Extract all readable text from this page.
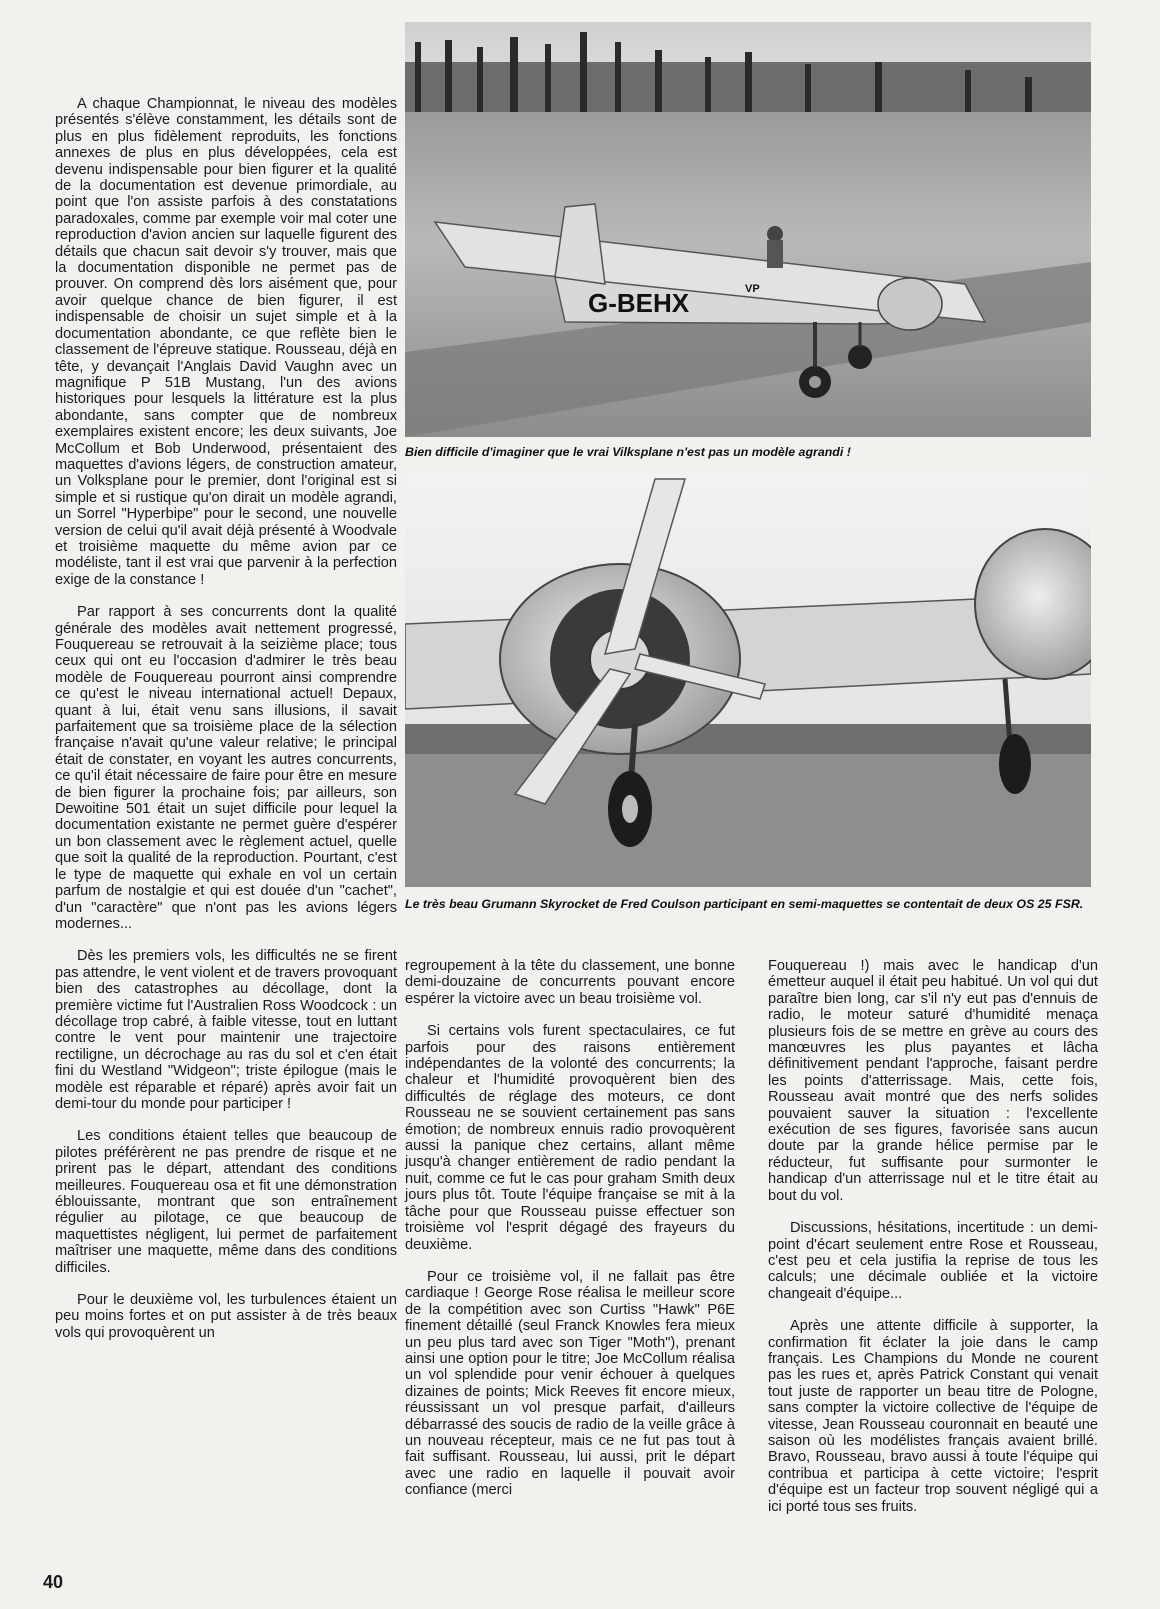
A chaque Championnat, le niveau des modèles présentés s'élève constamment, les détails sont de plus en plus fidèlement reproduits, les fonctions annexes de plus en plus développées, cela est devenu indispensable pour bien figurer et la qualité de la documentation est devenue primordiale, au point que l'on assiste parfois à des constatations paradoxales, comme par exemple voir mal coter une reproduction d'avion ancien sur laquelle figurent des détails que chacun sait devoir s'y trouver, mais que la documentation disponible ne permet pas de prouver. On comprend dès lors aisément que, pour avoir quelque chance de bien figurer, il est indispensable de choisir un sujet simple et à la documentation abondante, ce que reflète bien le classement de l'épreuve statique. Rousseau, déjà en tête, y devançait l'Anglais David Vaughn avec un magnifique P 51B Mustang, l'un des avions historiques pour lesquels la littérature est la plus abondante, sans compter que de nombreux exemplaires existent encore; les deux suivants, Joe McCollum et Bob Underwood, présentaient des maquettes d'avions légers, de construction amateur, un Volksplane pour le premier, dont l'original est si simple et si rustique qu'on dirait un modèle agrandi, un Sorrel "Hyperbipe" pour le second, une nouvelle version de celui qu'il avait déjà présenté à Woodvale et troisième maquette du même avion par ce modéliste, tant il est vrai que parvenir à la perfection exige de la constance !

Par rapport à ses concurrents dont la qualité générale des modèles avait nettement progressé, Fouquereau se retrouvait à la seizième place; tous ceux qui ont eu l'occasion d'admirer le très beau modèle de Fouquereau pourront ainsi comprendre ce qu'est le niveau international actuel! Depaux, quant à lui, était venu sans illusions, il savait parfaitement que sa troisième place de la sélection française n'avait qu'une valeur relative; le principal était de constater, en voyant les autres concurrents, ce qu'il était nécessaire de faire pour être en mesure de bien figurer la prochaine fois; par ailleurs, son Dewoitine 501 était un sujet difficile pour lequel la documentation existante ne permet guère d'espérer un bon classement avec le règlement actuel, quelle que soit la qualité de la reproduction. Pourtant, c'est le type de maquette qui exhale en vol un certain parfum de nostalgie et qui est douée d'un "cachet", d'un "caractère" que n'ont pas les avions légers modernes...

Dès les premiers vols, les difficultés ne se firent pas attendre, le vent violent et de travers provoquant bien des catastrophes au décollage, dont la première victime fut l'Australien Ross Woodcock : un décollage trop cabré, à faible vitesse, tout en luttant contre le vent pour maintenir une trajectoire rectiligne, un décrochage au ras du sol et c'en était fini du Westland "Widgeon"; triste épilogue (mais le modèle est réparable et réparé) après avoir fait un demi-tour du monde pour participer !

Les conditions étaient telles que beaucoup de pilotes préférèrent ne pas prendre de risque et ne prirent pas le départ, attendant des conditions meilleures. Fouquereau osa et fit une démonstration éblouissante, montrant que son entraînement régulier au pilotage, ce que beaucoup de maquettistes négligent, lui permet de parfaitement maîtriser une maquette, même dans des conditions difficiles.

Pour le deuxième vol, les turbulences étaient un peu moins fortes et on put assister à de très beaux vols qui provoquèrent un

G-BEHX	VP
Bien difficile d'imaginer que le vrai Vilksplane n'est pas un modèle agrandi !
Le très beau Grumann Skyrocket de Fred Coulson participant en semi-maquettes se contentait de deux OS 25 FSR.

regroupement à la tête du classement, une bonne demi-douzaine de concurrents pouvant encore espérer la victoire avec un beau troisième vol.

Si certains vols furent spectaculaires, ce fut parfois pour des raisons entièrement indépendantes de la volonté des concurrents; la chaleur et l'humidité provoquèrent bien des difficultés de réglage des moteurs, ce dont Rousseau ne se souvient certainement pas sans émotion; de nombreux ennuis radio provoquèrent aussi la panique chez certains, allant même jusqu'à changer entièrement de radio pendant la nuit, comme ce fut le cas pour graham Smith deux jours plus tôt. Toute l'équipe française se mit à la tâche pour que Rousseau puisse effectuer son troisième vol l'esprit dégagé des frayeurs du deuxième.

Pour ce troisième vol, il ne fallait pas être cardiaque ! George Rose réalisa le meilleur score de la compétition avec son Curtiss "Hawk" P6E finement détaillé (seul Franck Knowles fera mieux un peu plus tard avec son Tiger "Moth"), prenant ainsi une option pour le titre; Joe McCollum réalisa un vol splendide pour venir échouer à quelques dizaines de points; Mick Reeves fit encore mieux, réussissant un vol presque parfait, d'ailleurs débarrassé des soucis de radio de la veille grâce à un nouveau récepteur, mais ce ne fut pas tout à fait suffisant. Rousseau, lui aussi, prit le départ avec une radio en laquelle il pouvait avoir confiance (merci

Fouquereau !) mais avec le handicap d'un émetteur auquel il était peu habitué. Un vol qui dut paraître bien long, car s'il n'y eut pas d'ennuis de radio, le moteur saturé d'humidité menaça plusieurs fois de se mettre en grève au cours des manœuvres les plus payantes et lâcha définitivement pendant l'approche, faisant perdre les points d'atterrissage. Mais, cette fois, Rousseau avait montré que des nerfs solides pouvaient sauver la situation : l'excellente exécution de ses figures, favorisée sans aucun doute par la grande hélice permise par le réducteur, fut suffisante pour surmonter le handicap d'un atterrissage nul et le titre était au bout du vol.

Discussions, hésitations, incertitude : un demi-point d'écart seulement entre Rose et Rousseau, c'est peu et cela justifia la reprise de tous les calculs; une décimale oubliée et la victoire changeait d'équipe...

Après une attente difficile à supporter, la confirmation fit éclater la joie dans le camp français. Les Champions du Monde ne courent pas les rues et, après Patrick Constant qui venait tout juste de rapporter un beau titre de Pologne, sans compter la victoire collective de l'équipe de vitesse, Jean Rousseau couronnait en beauté une saison où les modélistes français avaient brillé. Bravo, Rousseau, bravo aussi à toute l'équipe qui contribua et participa à cette victoire; l'esprit d'équipe est un facteur trop souvent négligé qui a ici porté tous ses fruits.

40
